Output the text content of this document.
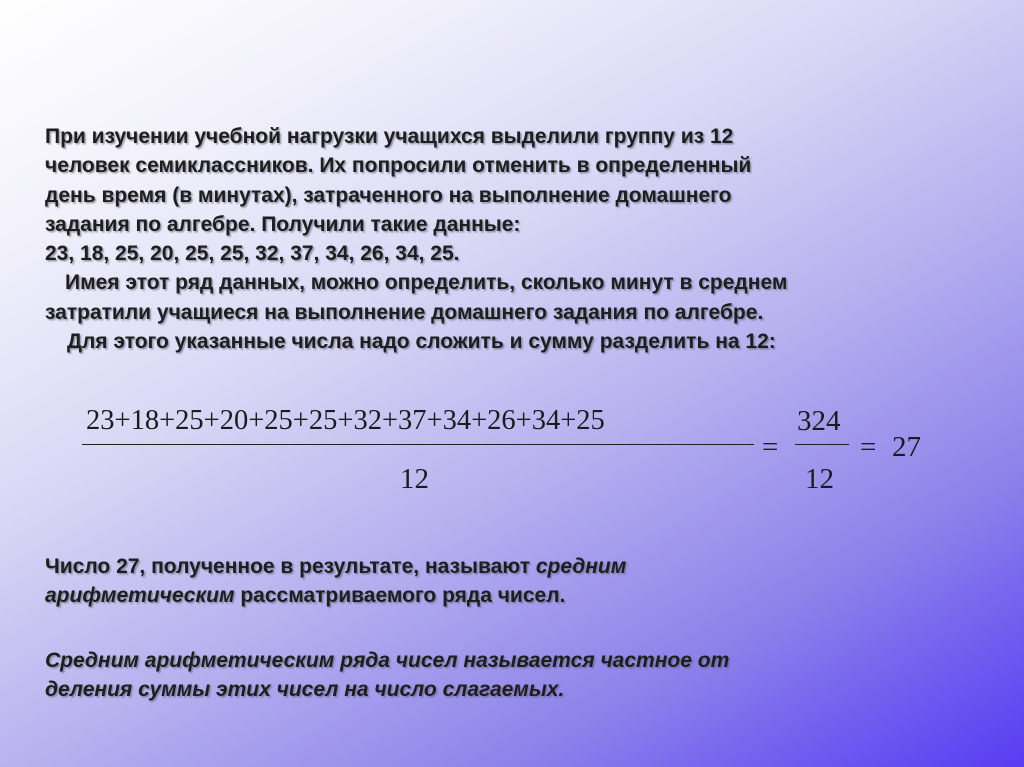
При изучении учебной нагрузки учащихся выделили группу из 12
человек семиклассников. Их попросили отменить в определенный
день время (в минутах), затраченного на выполнение домашнего
задания по алгебре. Получили такие данные:
23, 18, 25, 20, 25, 25, 32, 37, 34, 26, 34, 25.
Имея этот ряд данных, можно определить, сколько минут в среднем
затратили учащиеся на выполнение домашнего задания по алгебре.
Для этого указанные числа надо сложить и сумму разделить на 12:
23+18+25+20+25+25+32+37+34+26+34+25
12
=
324
12
= 27
Число 27, полученное в результате, называют средним
арифметическим рассматриваемого ряда чисел.
Средним арифметическим ряда чисел называется частное от
деления суммы этих чисел на число слагаемых.
